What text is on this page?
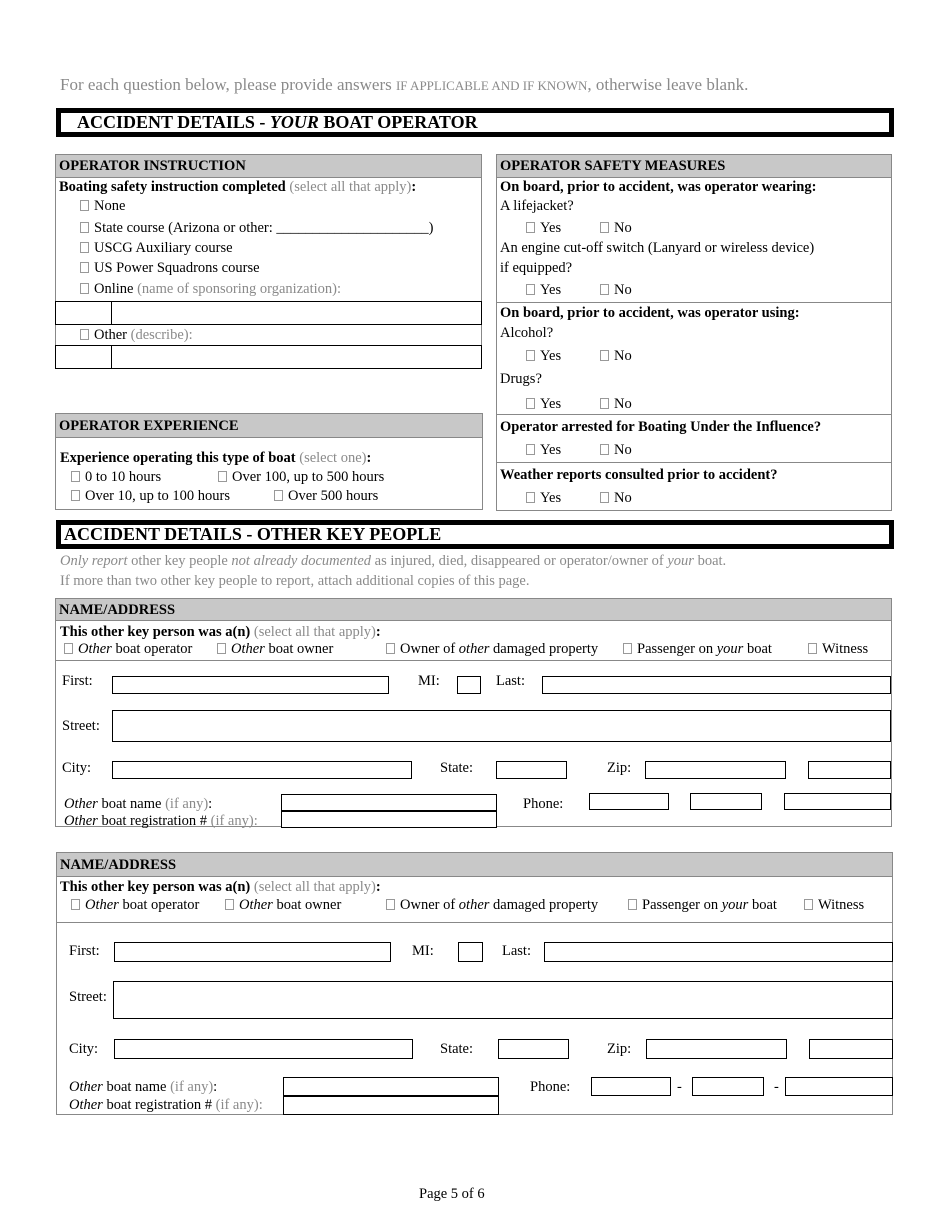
For each question below, please provide answers IF APPLICABLE AND IF KNOWN, otherwise leave blank.
ACCIDENT DETAILS - YOUR BOAT OPERATOR
OPERATOR INSTRUCTION
Boating safety instruction completed (select all that apply):
None
State course (Arizona or other: _____________________)
USCG Auxiliary course
US Power Squadrons course
Online (name of sponsoring organization):
Other (describe):
OPERATOR SAFETY MEASURES
On board, prior to accident, was operator wearing:
A lifejacket?
Yes	No
An engine cut-off switch (Lanyard or wireless device)
if equipped?
Yes	No
On board, prior to accident, was operator using:
Alcohol?
Yes	No
Drugs?
Yes	No
Operator arrested for Boating Under the Influence?
Yes	No
Weather reports consulted prior to accident?
Yes	No
OPERATOR EXPERIENCE
Experience operating this type of boat (select one):
0 to 10 hours	Over 100, up to 500 hours
Over 10, up to 100 hours	Over 500 hours
ACCIDENT DETAILS - OTHER KEY PEOPLE
Only report other key people not already documented as injured, died, disappeared or operator/owner of your boat.
If more than two other key people to report, attach additional copies of this page.
NAME/ADDRESS
This other key person was a(n) (select all that apply):
Other boat operator	Other boat owner	Owner of other damaged property	Passenger on your boat	Witness
First:	MI:	Last:
Street:
City:	State:	Zip:
Other boat name (if any):
Other boat registration # (if any):
Phone:
NAME/ADDRESS
This other key person was a(n) (select all that apply):
Other boat operator	Other boat owner	Owner of other damaged property	Passenger on your boat	Witness
First:	MI:	Last:
Street:
City:	State:	Zip:
Other boat name (if any):
Other boat registration # (if any):
Phone:	-	-
Page 5 of 6
